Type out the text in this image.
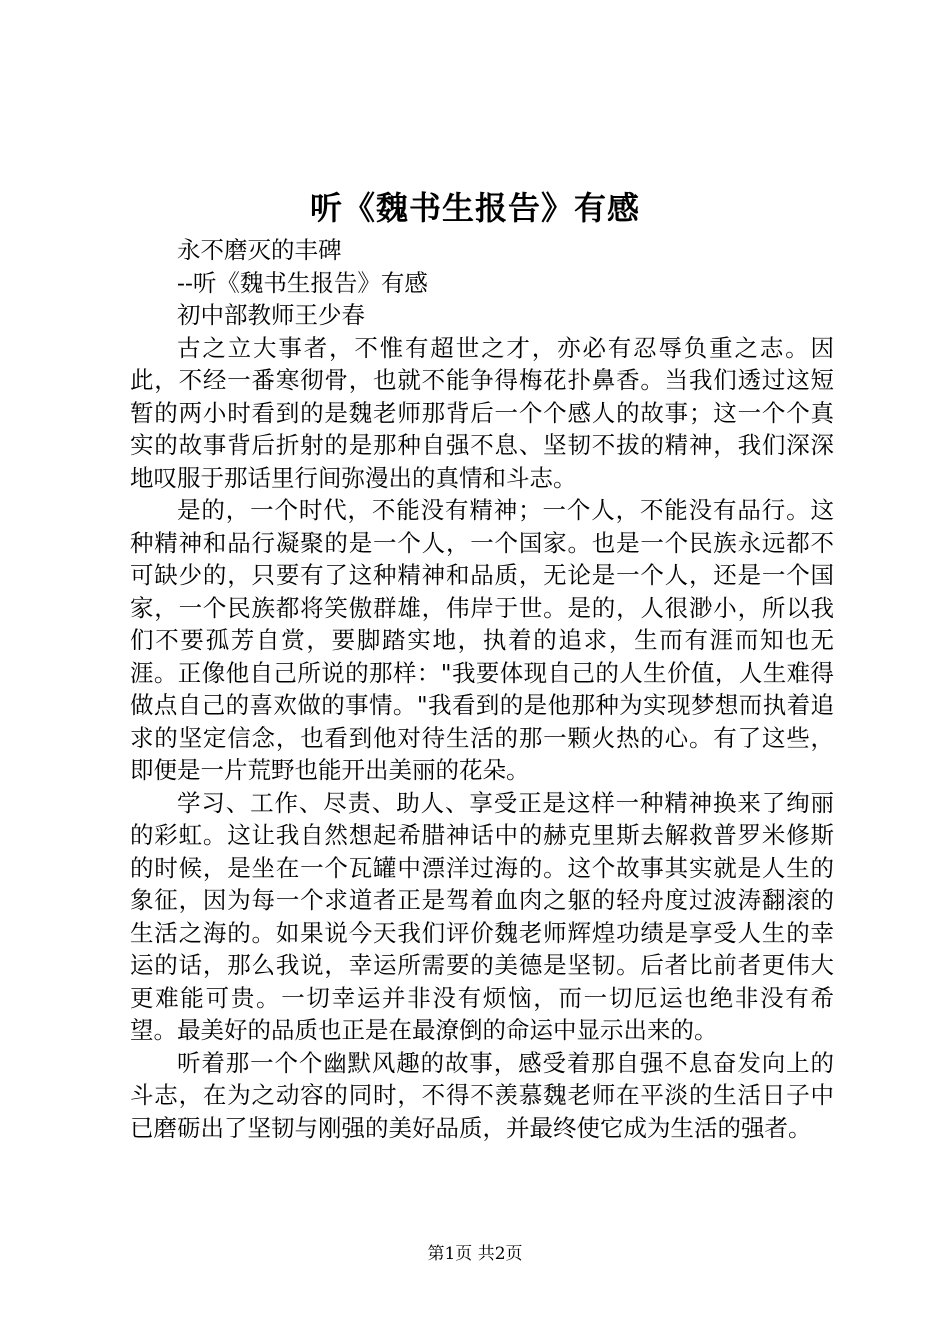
听《魏书生报告》有感

永不磨灭的丰碑

--听《魏书生报告》有感

初中部教师王少春

古之立大事者，不惟有超世之才，亦必有忍辱负重之志。因此，不经一番寒彻骨，也就不能争得梅花扑鼻香。当我们透过这短暂的两小时看到的是魏老师那背后一个个感人的故事；这一个个真实的故事背后折射的是那种自强不息、坚韧不拔的精神，我们深深地叹服于那话里行间弥漫出的真情和斗志。

是的，一个时代，不能没有精神；一个人，不能没有品行。这种精神和品行凝聚的是一个人，一个国家。也是一个民族永远都不可缺少的，只要有了这种精神和品质，无论是一个人，还是一个国家，一个民族都将笑傲群雄，伟岸于世。是的，人很渺小，所以我们不要孤芳自赏，要脚踏实地，执着的追求，生而有涯而知也无涯。正像他自己所说的那样："我要体现自己的人生价值，人生难得做点自己的喜欢做的事情。"我看到的是他那种为实现梦想而执着追求的坚定信念，也看到他对待生活的那一颗火热的心。有了这些，即便是一片荒野也能开出美丽的花朵。

学习、工作、尽责、助人、享受正是这样一种精神换来了绚丽的彩虹。这让我自然想起希腊神话中的赫克里斯去解救普罗米修斯的时候，是坐在一个瓦罐中漂洋过海的。这个故事其实就是人生的象征，因为每一个求道者正是驾着血肉之躯的轻舟度过波涛翻滚的生活之海的。如果说今天我们评价魏老师辉煌功绩是享受人生的幸运的话，那么我说，幸运所需要的美德是坚韧。后者比前者更伟大更难能可贵。一切幸运并非没有烦恼，而一切厄运也绝非没有希望。最美好的品质也正是在最潦倒的命运中显示出来的。

听着那一个个幽默风趣的故事，感受着那自强不息奋发向上的斗志，在为之动容的同时，不得不羡慕魏老师在平淡的生活日子中已磨砺出了坚韧与刚强的美好品质，并最终使它成为生活的强者。

第1页 共2页
